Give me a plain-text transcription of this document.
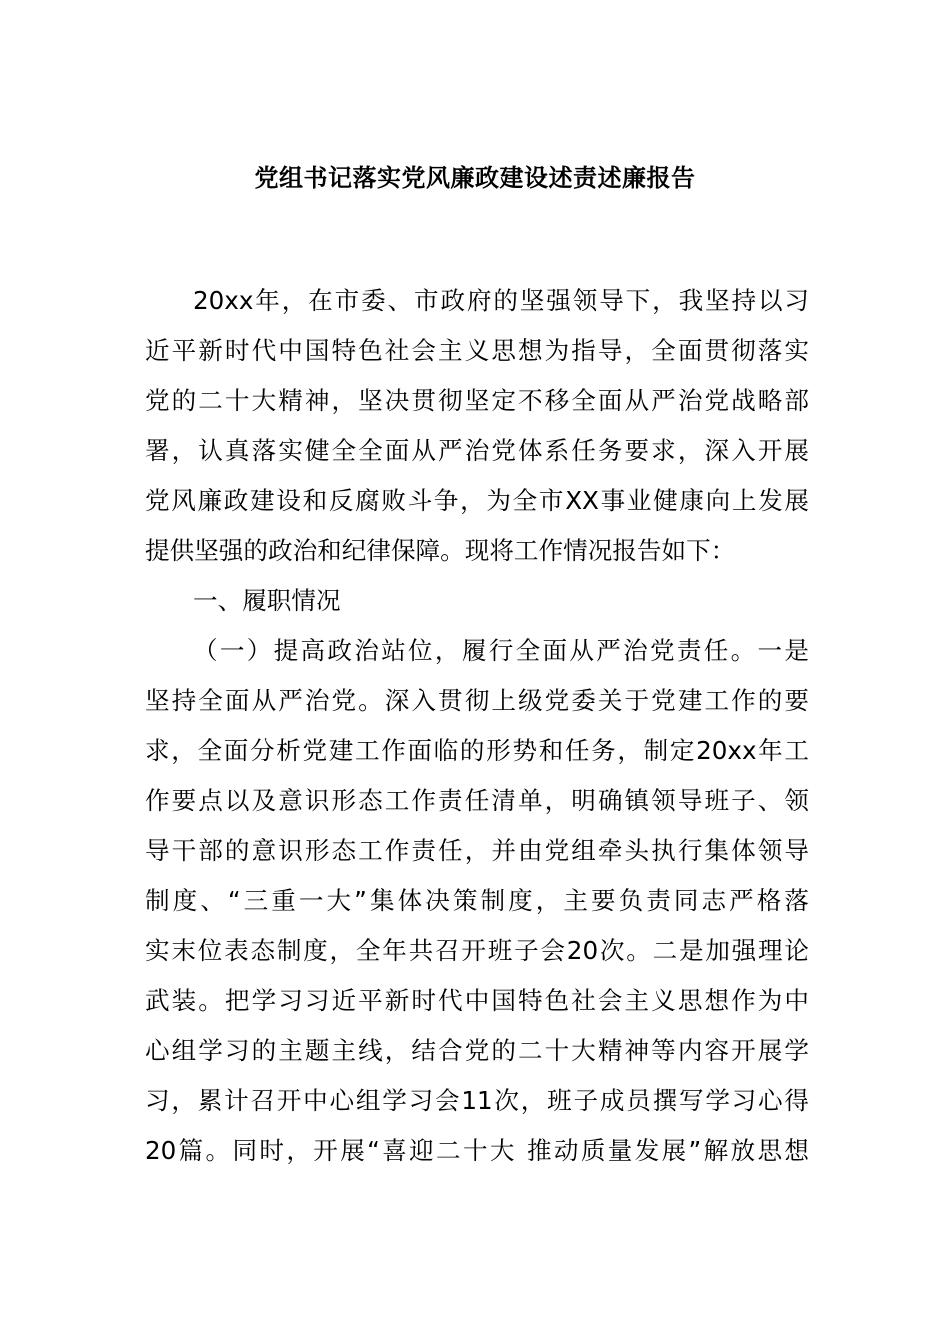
党组书记落实党风廉政建设述责述廉报告
20xx年，在市委、市政府的坚强领导下，我坚持以习
近平新时代中国特色社会主义思想为指导，全面贯彻落实
党的二十大精神，坚决贯彻坚定不移全面从严治党战略部
署，认真落实健全全面从严治党体系任务要求，深入开展
党风廉政建设和反腐败斗争，为全市XX事业健康向上发展
提供坚强的政治和纪律保障。现将工作情况报告如下：
一、履职情况
（一）提高政治站位，履行全面从严治党责任。一是
坚持全面从严治党。深入贯彻上级党委关于党建工作的要
求，全面分析党建工作面临的形势和任务，制定20xx年工
作要点以及意识形态工作责任清单，明确镇领导班子、领
导干部的意识形态工作责任，并由党组牵头执行集体领导
制度、“三重一大”集体决策制度，主要负责同志严格落
实末位表态制度，全年共召开班子会20次。二是加强理论
武装。把学习习近平新时代中国特色社会主义思想作为中
心组学习的主题主线，结合党的二十大精神等内容开展学
习，累计召开中心组学习会11次，班子成员撰写学习心得
20篇。同时，开展“喜迎二十大 推动质量发展”解放思想
